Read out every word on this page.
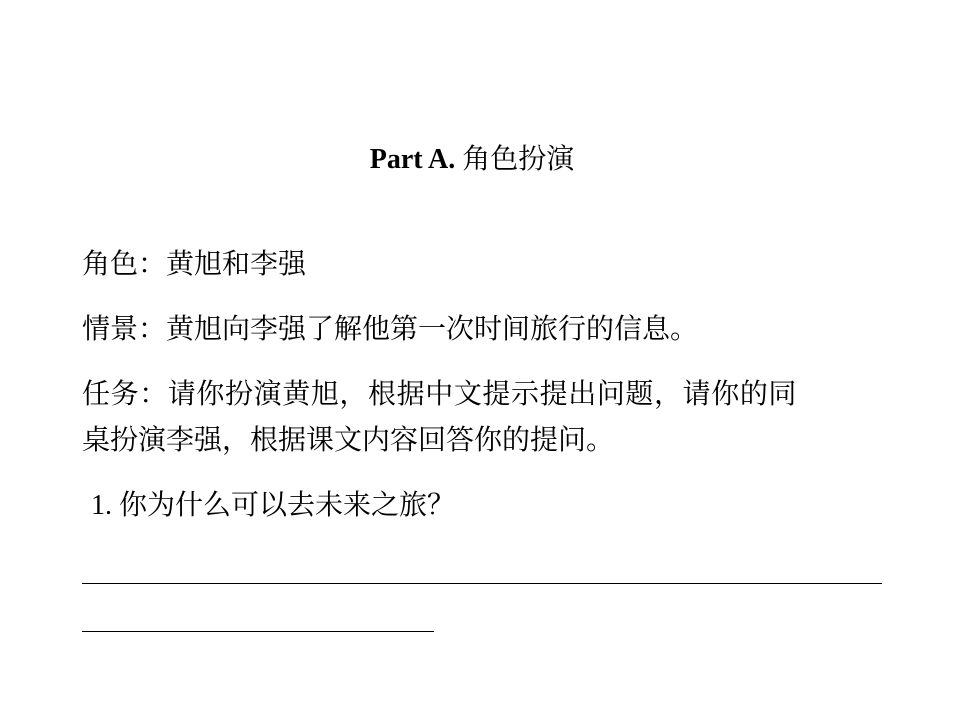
Part A. 角色扮演
角色：黄旭和李强
情景：黄旭向李强了解他第一次时间旅行的信息。
任务：请你扮演黄旭，根据中文提示提出问题，请你的同
桌扮演李强，根据课文内容回答你的提问。
1. 你为什么可以去未来之旅？
